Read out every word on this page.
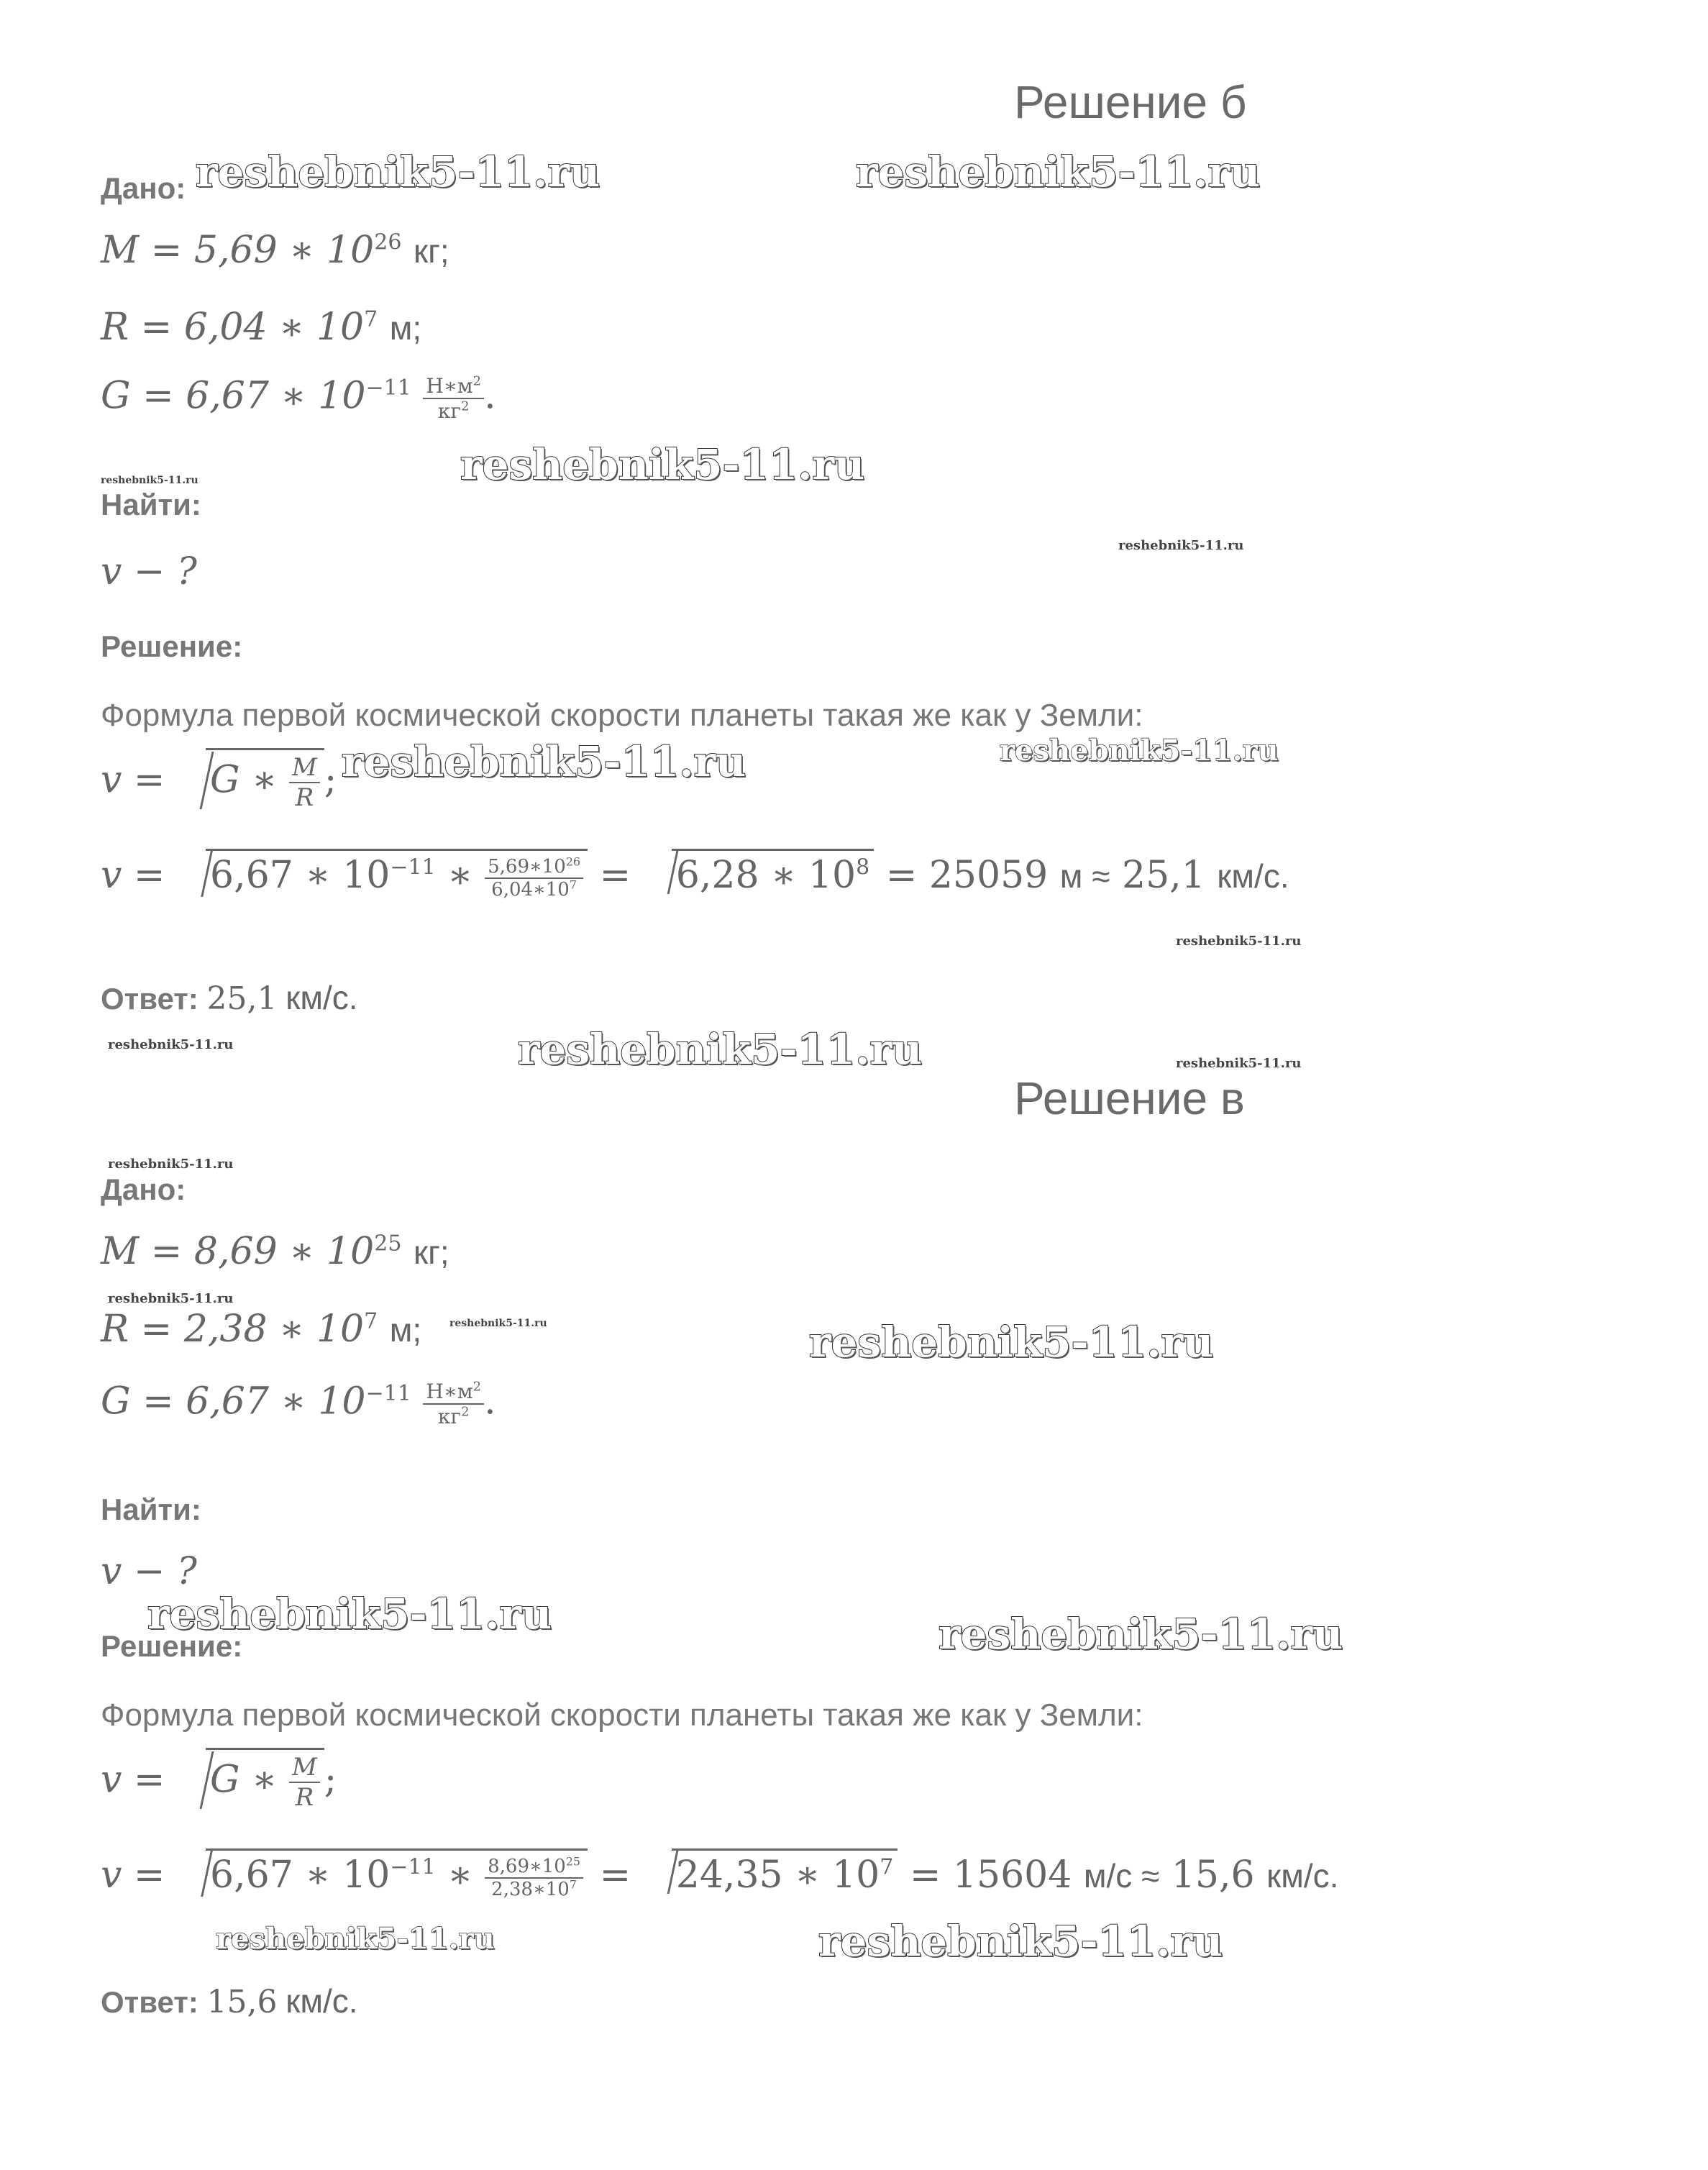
Решение б
Дано:
M = 5,69 ∗ $10^{26}$ кг;
R = 6,04 ∗ $10^7$ м;
G = 6,67 ∗ $10^{-11} \frac{Н∗м^2}{кг^2}$ .
Найти:
v − ?
Решение:
Формула первой космической скорости планеты такая же как у Земли:
v = G ∗ $\frac{M}{R}$ ;
v = 6,67 ∗ $10^{-11}$ ∗ $\frac{5,69∗10^{26}}{6,04∗10^7} = 6,28$ ∗ $10^8 = 25059$ м ≈ 25,1 км/с.
Ответ: 25,1 км/с.
Решение в
Дано:
M = 8,69 ∗ $10^{25}$ кг;
R = 2,38 ∗ $10^7$ м;
G = 6,67 ∗ $10^{-11} \frac{Н∗м^2}{кг^2}$ .
Найти:
v − ?
Решение:
Формула первой космической скорости планеты такая же как у Земли:
v = G ∗ $\frac{M}{R}$ ;
v = 6,67 ∗ $10^{-11}$ ∗ $\frac{8,69∗10^{25}}{2,38∗10^7} = 24,35$ ∗ $10^7 = 15604$ м/с ≈ 15,6 км/с.
Ответ: 15,6 км/с.
reshebnik5-11.ru	reshebnik5-11.ru
reshebnik5-11.ru
reshebnik5-11.ru
reshebnik5-11.ru
reshebnik5-11.ru	reshebnik5-11.ru
reshebnik5-11.ru
reshebnik5-11.ru	reshebnik5-11.ru	reshebnik5-11.ru
reshebnik5-11.ru
reshebnik5-11.ru
reshebnik5-11.ru	reshebnik5-11.ru
reshebnik5-11.ru	reshebnik5-11.ru
reshebnik5-11.ru	reshebnik5-11.ru
